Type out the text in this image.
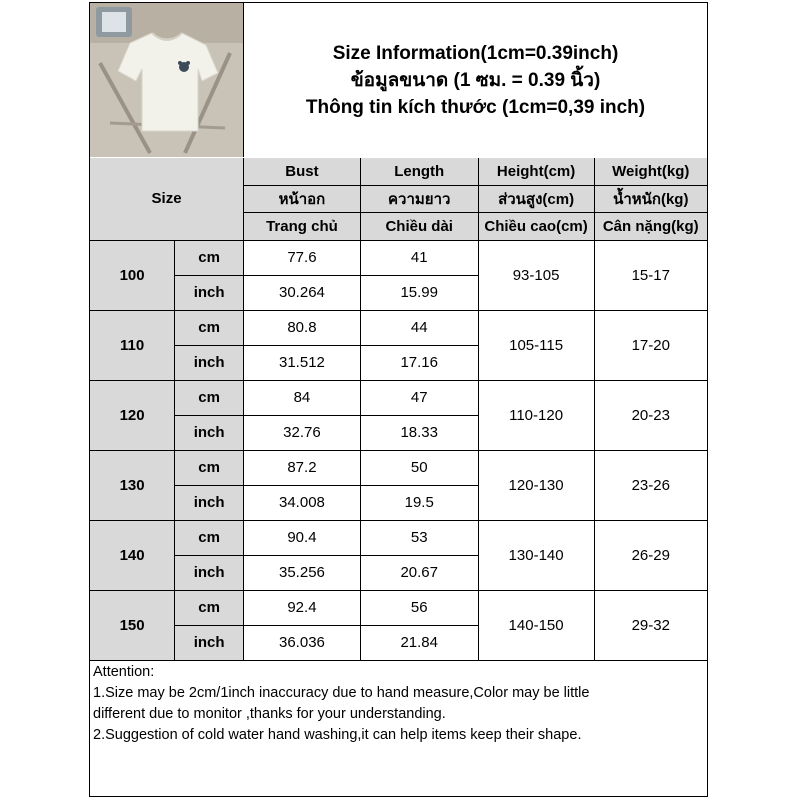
Size Information(1cm=0.39inch)
ข้อมูลขนาด (1 ซม. = 0.39 นิ้ว)
Thông tin kích thước (1cm=0,39 inch)
Size		Bust	Length	Height(cm)	Weight(kg)
		หน้าอก	ความยาว	ส่วนสูง(cm)	น้ำหนัก(kg)
		Trang chủ	Chiều dài	Chiều cao(cm)	Cân nặng(kg)
100	cm	77.6	41	93-105	15-17
	inch	30.264	15.99		
110	cm	80.8	44	105-115	17-20
	inch	31.512	17.16		
120	cm	84	47	110-120	20-23
	inch	32.76	18.33		
130	cm	87.2	50	120-130	23-26
	inch	34.008	19.5		
140	cm	90.4	53	130-140	26-29
	inch	35.256	20.67		
150	cm	92.4	56	140-150	29-32
	inch	36.036	21.84		
Attention:
1.Size may be 2cm/1inch inaccuracy due to hand measure,Color may be little
different due to monitor ,thanks for your understanding.
2.Suggestion of cold water hand washing,it can help items keep their shape.
